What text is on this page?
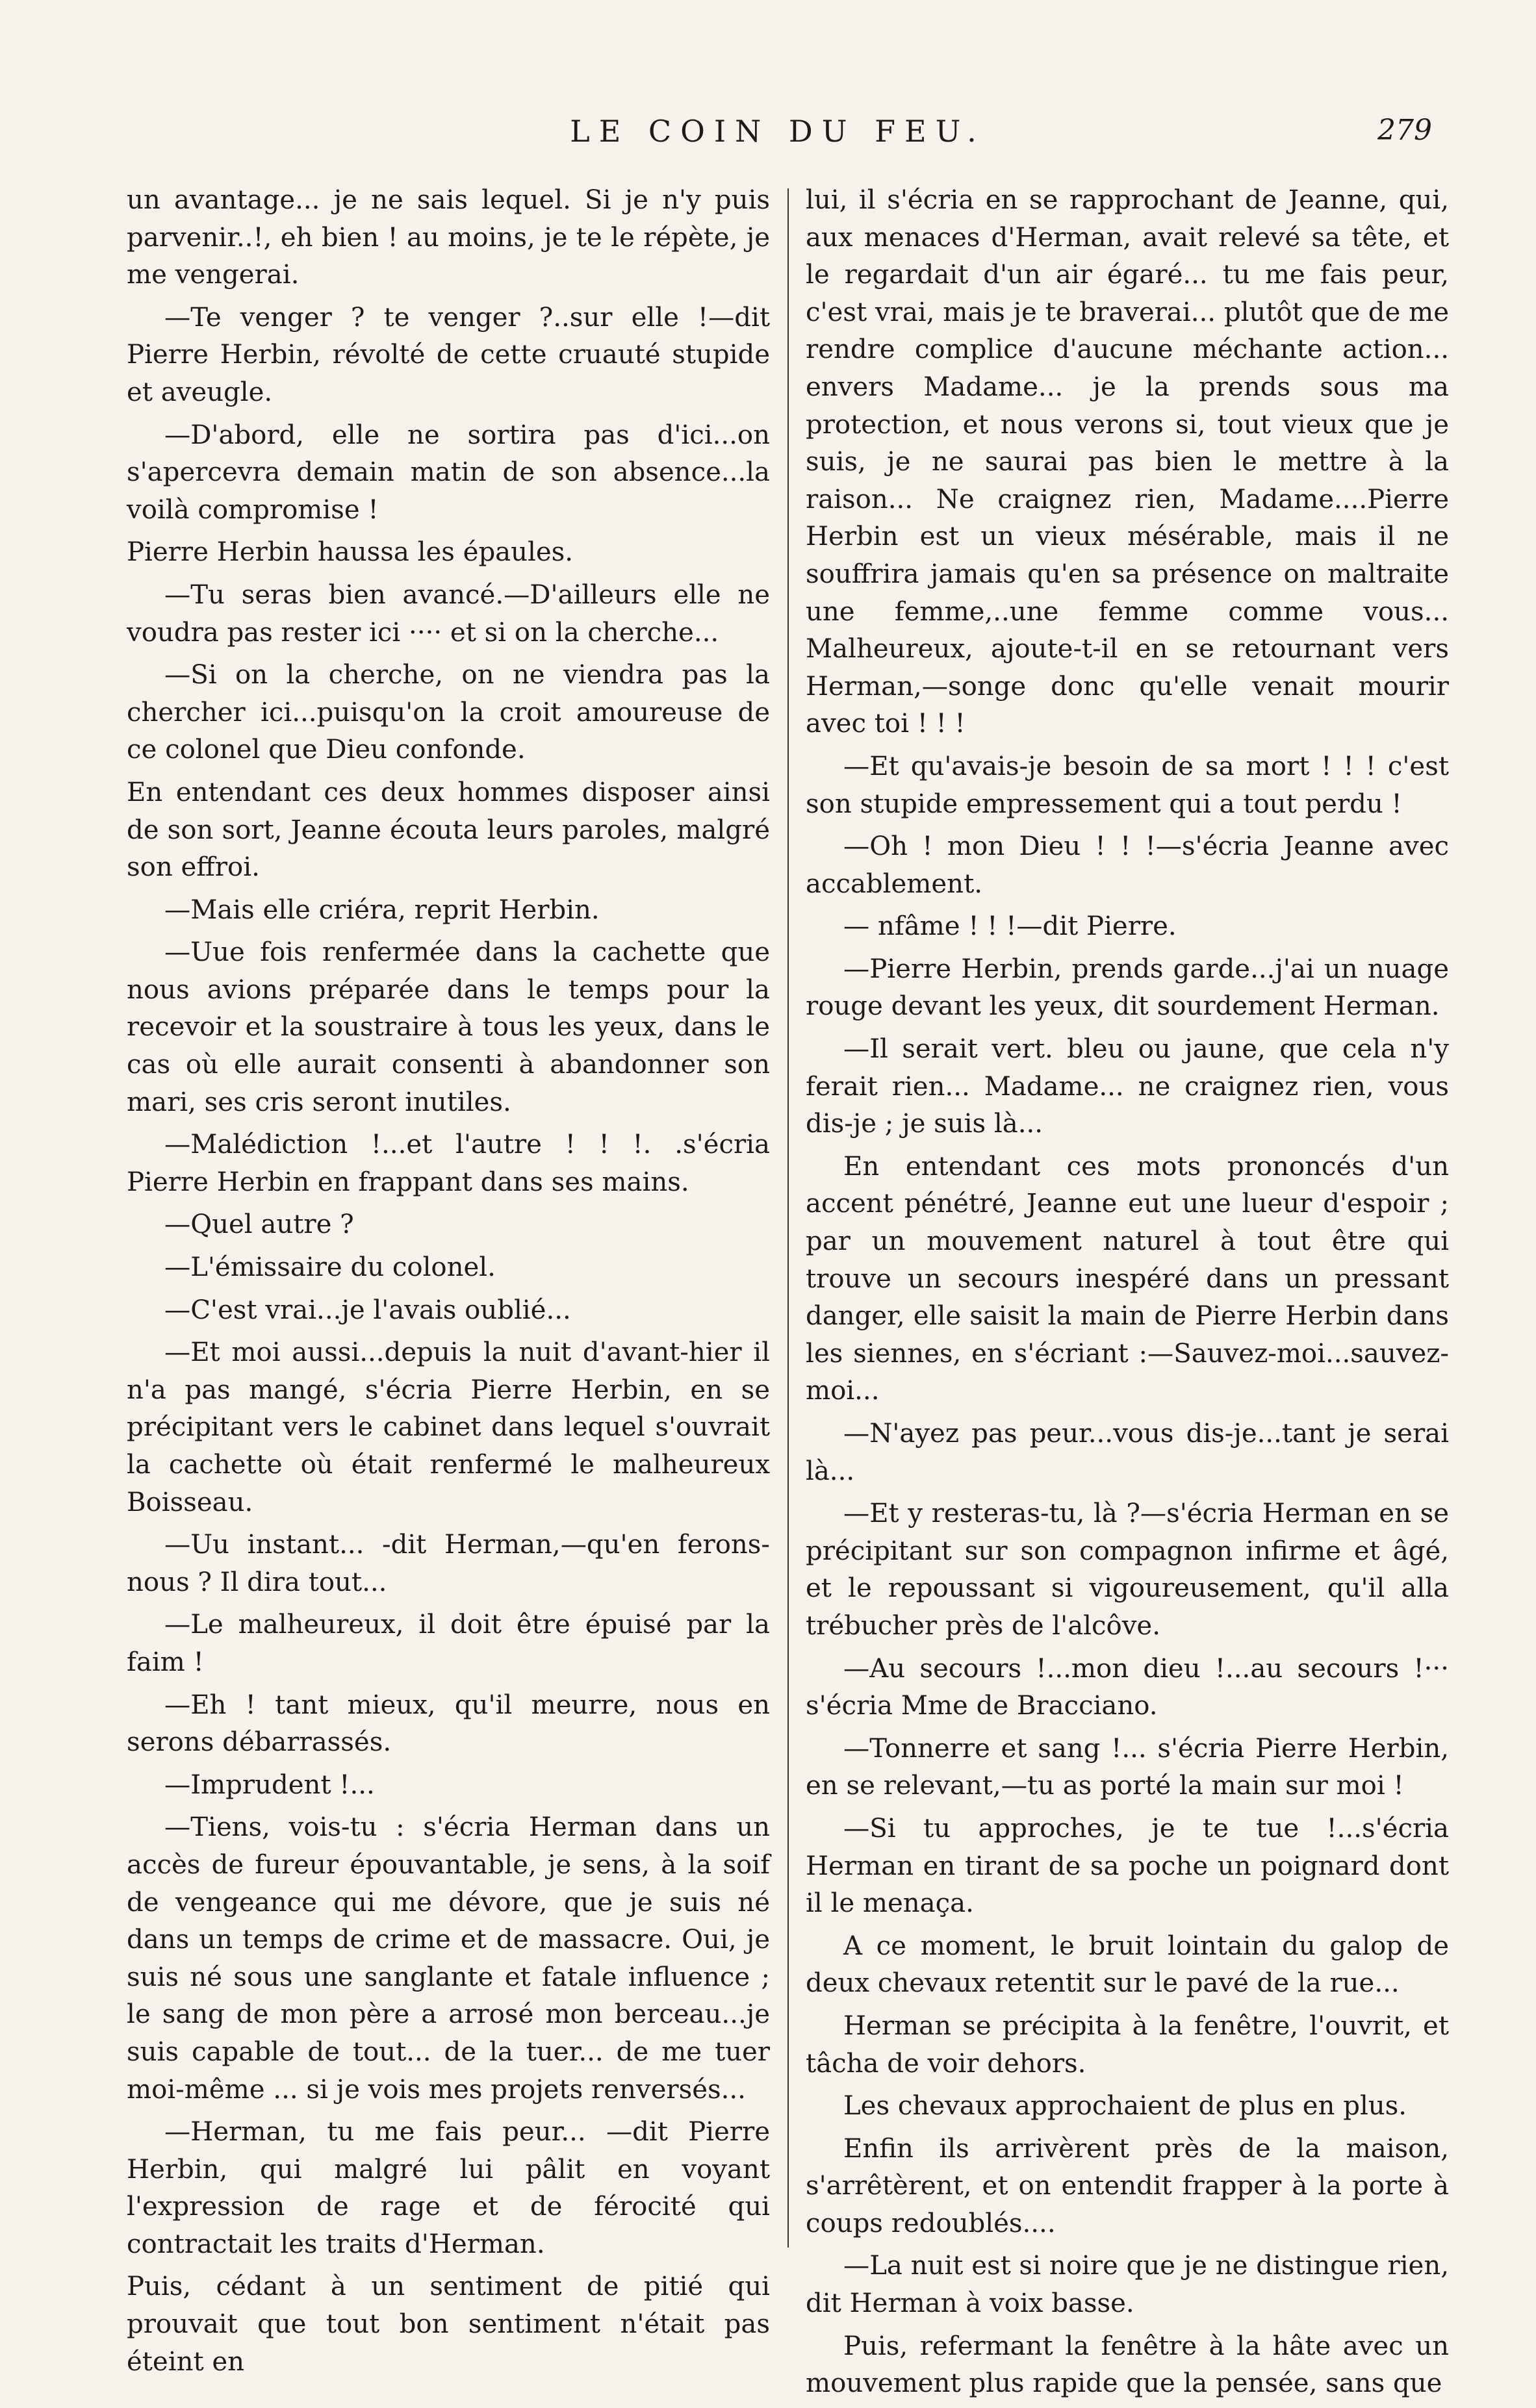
LE COIN DU FEU.	279

un avantage... je ne sais lequel. Si je n'y puis parvenir..!, eh bien ! au moins, je te le répète, je me vengerai.

—Te venger ? te venger ?..sur elle !—dit Pierre Herbin, révolté de cette cruauté stupide et aveugle.

—D'abord, elle ne sortira pas d'ici...on s'apercevra demain matin de son absence...la voilà compromise !

Pierre Herbin haussa les épaules.

—Tu seras bien avancé.—D'ailleurs elle ne voudra pas rester ici ···· et si on la cherche...

—Si on la cherche, on ne viendra pas la chercher ici...puisqu'on la croit amoureuse de ce colonel que Dieu confonde.

En entendant ces deux hommes disposer ainsi de son sort, Jeanne écouta leurs paroles, malgré son effroi.

—Mais elle criéra, reprit Herbin.

—Uue fois renfermée dans la cachette que nous avions préparée dans le temps pour la recevoir et la soustraire à tous les yeux, dans le cas où elle aurait consenti à abandonner son mari, ses cris seront inutiles.

—Malédiction !...et l'autre ! ! !. .s'écria Pierre Herbin en frappant dans ses mains.

—Quel autre ?

—L'émissaire du colonel.

—C'est vrai...je l'avais oublié...

—Et moi aussi...depuis la nuit d'avant-hier il n'a pas mangé, s'écria Pierre Herbin, en se précipitant vers le cabinet dans lequel s'ouvrait la cachette où était renfermé le malheureux Boisseau.

—Uu instant... -dit Herman,—qu'en ferons-nous ? Il dira tout...

—Le malheureux, il doit être épuisé par la faim !

—Eh ! tant mieux, qu'il meurre, nous en serons débarrassés.

—Imprudent !...

—Tiens, vois-tu : s'écria Herman dans un accès de fureur épouvantable, je sens, à la soif de vengeance qui me dévore, que je suis né dans un temps de crime et de massacre. Oui, je suis né sous une sanglante et fatale influence ; le sang de mon père a arrosé mon berceau...je suis capable de tout... de la tuer... de me tuer moi-même ... si je vois mes projets renversés...

—Herman, tu me fais peur... —dit Pierre Herbin, qui malgré lui pâlit en voyant l'expression de rage et de férocité qui contractait les traits d'Herman.

Puis, cédant à un sentiment de pitié qui prouvait que tout bon sentiment n'était pas éteint en

lui, il s'écria en se rapprochant de Jeanne, qui, aux menaces d'Herman, avait relevé sa tête, et le regardait d'un air égaré... tu me fais peur, c'est vrai, mais je te braverai... plutôt que de me rendre complice d'aucune méchante action... envers Madame... je la prends sous ma protection, et nous verons si, tout vieux que je suis, je ne saurai pas bien le mettre à la raison... Ne craignez rien, Madame....Pierre Herbin est un vieux mésérable, mais il ne souffrira jamais qu'en sa présence on maltraite une femme,..une femme comme vous... Malheureux, ajoute-t-il en se retournant vers Herman,—songe donc qu'elle venait mourir avec toi ! ! !

—Et qu'avais-je besoin de sa mort ! ! ! c'est son stupide empressement qui a tout perdu !

—Oh ! mon Dieu ! ! !—s'écria Jeanne avec accablement.

— nfâme ! ! !—dit Pierre.

—Pierre Herbin, prends garde...j'ai un nuage rouge devant les yeux, dit sourdement Herman.

—Il serait vert. bleu ou jaune, que cela n'y ferait rien... Madame... ne craignez rien, vous dis-je ; je suis là...

En entendant ces mots prononcés d'un accent pénétré, Jeanne eut une lueur d'espoir ; par un mouvement naturel à tout être qui trouve un secours inespéré dans un pressant danger, elle saisit la main de Pierre Herbin dans les siennes, en s'écriant :—Sauvez-moi...sauvez-moi...

—N'ayez pas peur...vous dis-je...tant je serai là...

—Et y resteras-tu, là ?—s'écria Herman en se précipitant sur son compagnon infirme et âgé, et le repoussant si vigoureusement, qu'il alla trébucher près de l'alcôve.

—Au secours !...mon dieu !...au secours !··· s'écria Mme de Bracciano.

—Tonnerre et sang !... s'écria Pierre Herbin, en se relevant,—tu as porté la main sur moi !

—Si tu approches, je te tue !...s'écria Herman en tirant de sa poche un poignard dont il le menaça.

A ce moment, le bruit lointain du galop de deux chevaux retentit sur le pavé de la rue...

Herman se précipita à la fenêtre, l'ouvrit, et tâcha de voir dehors.

Les chevaux approchaient de plus en plus.

Enfin ils arrivèrent près de la maison, s'arrêtèrent, et on entendit frapper à la porte à coups redoublés....

—La nuit est si noire que je ne distingue rien, dit Herman à voix basse.

Puis, refermant la fenêtre à la hâte avec un mouvement plus rapide que la pensée, sans que
